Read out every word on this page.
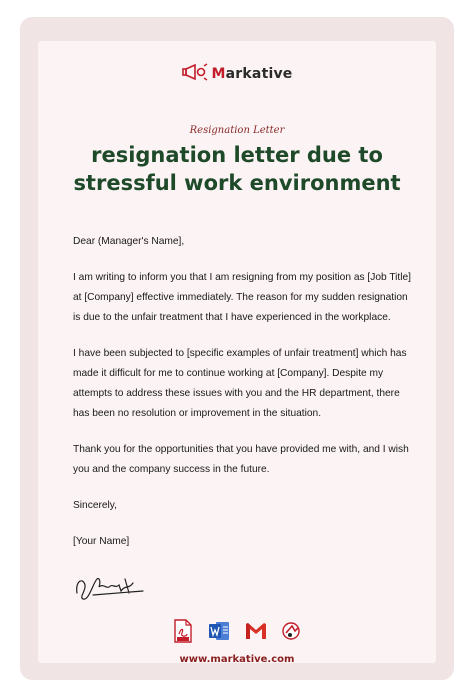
Markative
Resignation Letter
resignation letter due to
stressful work environment

Dear (Manager's Name],

I am writing to inform you that I am resigning from my position as [Job Title] at [Company] effective immediately. The reason for my sudden resignation is due to the unfair treatment that I have experienced in the workplace.

I have been subjected to [specific examples of unfair treatment] which has made it difficult for me to continue working at [Company]. Despite my attempts to address these issues with you and the HR department, there has been no resolution or improvement in the situation.

Thank you for the opportunities that you have provided me with, and I wish you and the company success in the future.

Sincerely,

[Your Name]

www.markative.com
